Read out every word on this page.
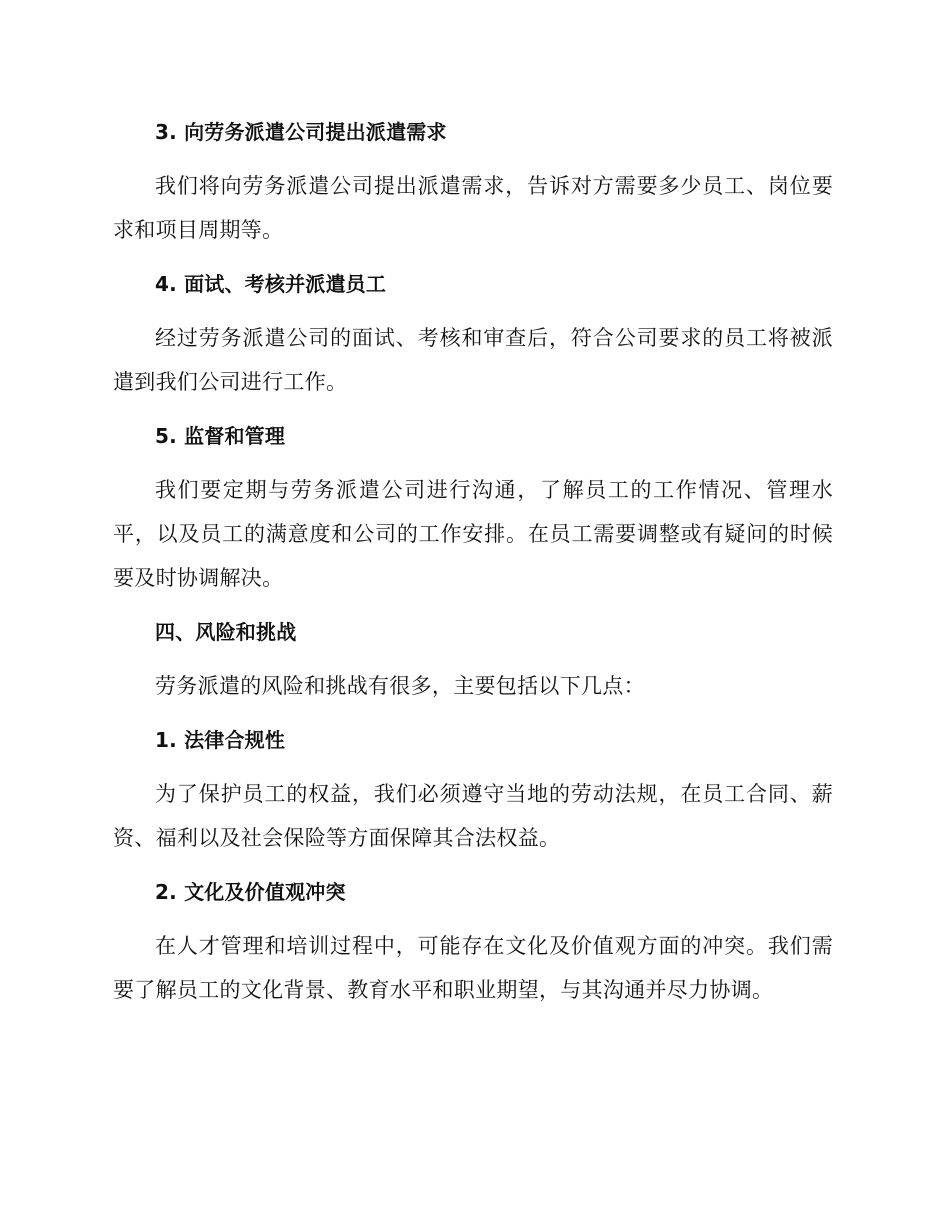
3. 向劳务派遣公司提出派遣需求

我们将向劳务派遣公司提出派遣需求，告诉对方需要多少员工、岗位要求和项目周期等。

4. 面试、考核并派遣员工

经过劳务派遣公司的面试、考核和审查后，符合公司要求的员工将被派遣到我们公司进行工作。

5. 监督和管理

我们要定期与劳务派遣公司进行沟通，了解员工的工作情况、管理水平，以及员工的满意度和公司的工作安排。在员工需要调整或有疑问的时候要及时协调解决。

四、风险和挑战

劳务派遣的风险和挑战有很多，主要包括以下几点：

1. 法律合规性

为了保护员工的权益，我们必须遵守当地的劳动法规，在员工合同、薪资、福利以及社会保险等方面保障其合法权益。

2. 文化及价值观冲突

在人才管理和培训过程中，可能存在文化及价值观方面的冲突。我们需要了解员工的文化背景、教育水平和职业期望，与其沟通并尽力协调。
